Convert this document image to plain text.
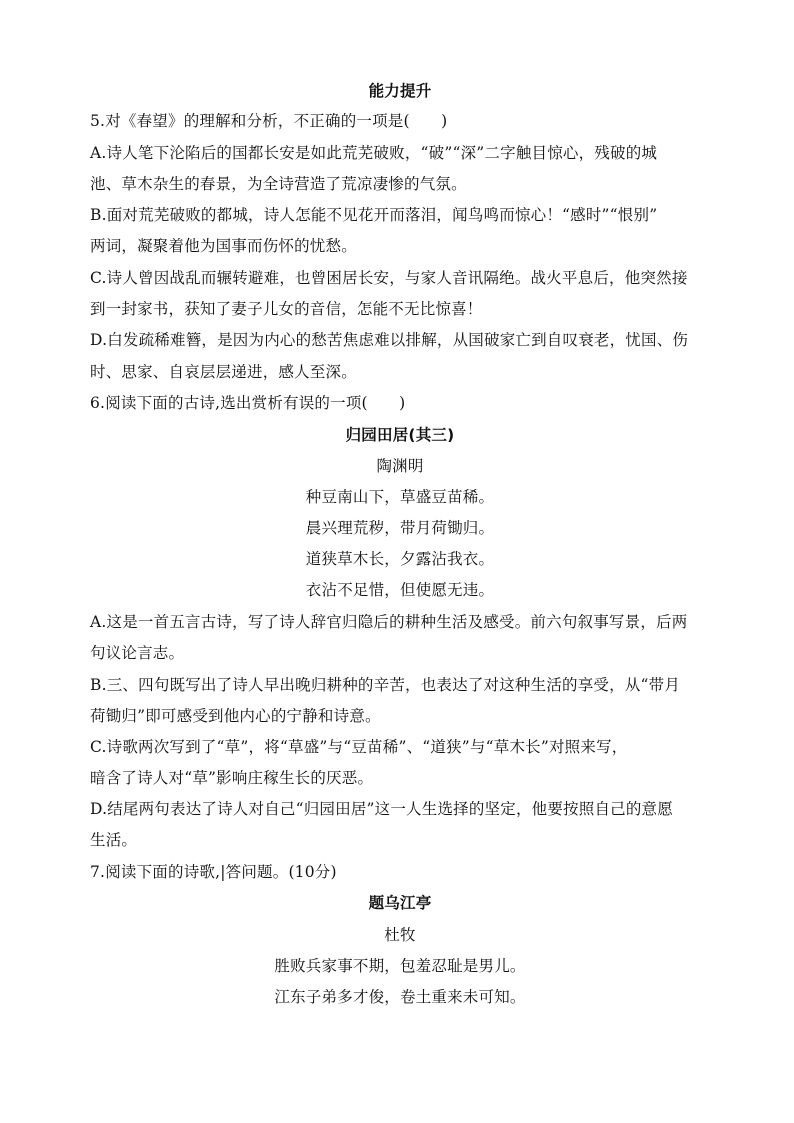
能力提升
5.对《春望》的理解和分析，不正确的一项是(　　)
A.诗人笔下沦陷后的国都长安是如此荒芜破败，“破”“深”二字触目惊心，残破的城
池、草木杂生的春景，为全诗营造了荒凉凄惨的气氛。
B.面对荒芜破败的都城，诗人怎能不见花开而落泪，闻鸟鸣而惊心！“感时”“恨别”
两词，凝聚着他为国事而伤怀的忧愁。
C.诗人曾因战乱而辗转避难，也曾困居长安，与家人音讯隔绝。战火平息后，他突然接
到一封家书，获知了妻子儿女的音信，怎能不无比惊喜！
D.白发疏稀难簪，是因为内心的愁苦焦虑难以排解，从国破家亡到自叹衰老，忧国、伤
时、思家、自哀层层递进，感人至深。
6.阅读下面的古诗,选出赏析有误的一项(　　)
归园田居(其三)
陶渊明
种豆南山下，草盛豆苗稀。
晨兴理荒秽，带月荷锄归。
道狭草木长，夕露沾我衣。
衣沾不足惜，但使愿无违。
A.这是一首五言古诗，写了诗人辞官归隐后的耕种生活及感受。前六句叙事写景，后两
句议论言志。
B.三、四句既写出了诗人早出晚归耕种的辛苦，也表达了对这种生活的享受，从“带月
荷锄归”即可感受到他内心的宁静和诗意。
C.诗歌两次写到了“草”，将“草盛”与“豆苗稀”、“道狭”与“草木长”对照来写，
暗含了诗人对“草”影响庄稼生长的厌恶。
D.结尾两句表达了诗人对自己“归园田居”这一人生选择的坚定，他要按照自己的意愿
生活。
7.阅读下面的诗歌,|答问题。(10分)
题乌江亭
杜牧
胜败兵家事不期，包羞忍耻是男儿。
江东子弟多才俊，卷土重来未可知。
